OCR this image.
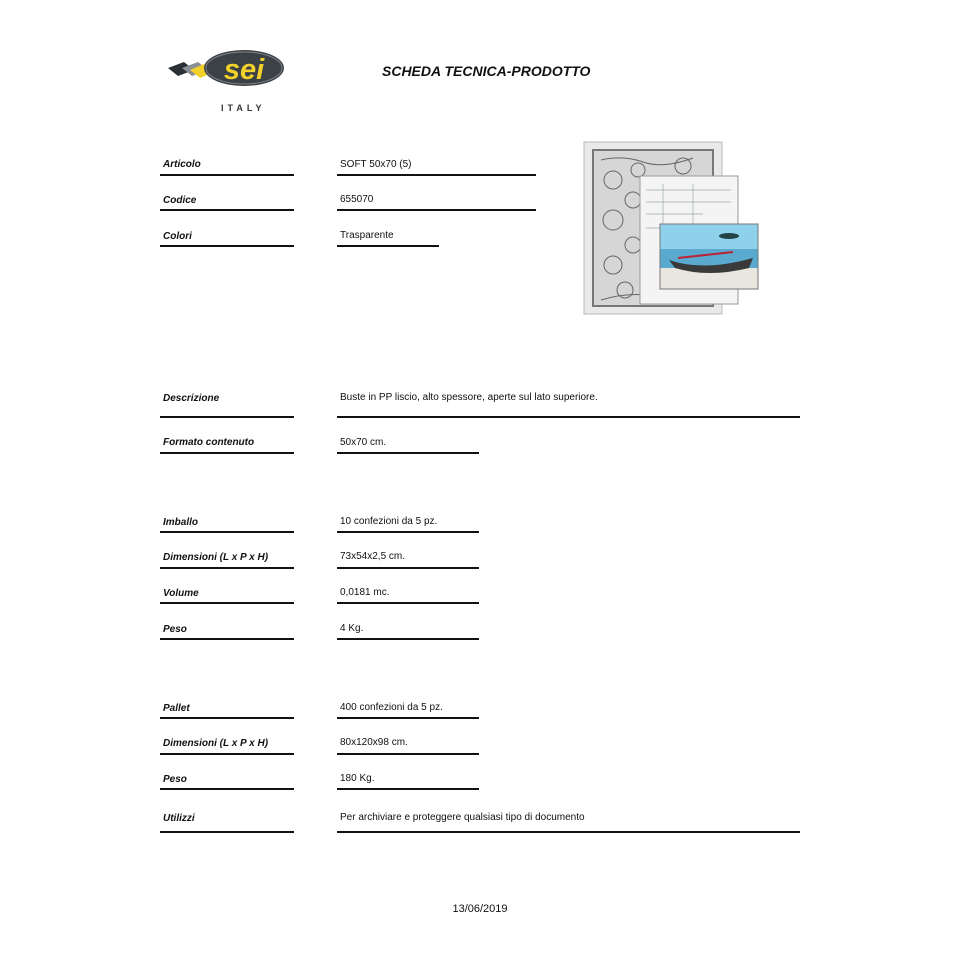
sei
ITALY
SCHEDA TECNICA-PRODOTTO
Articolo	SOFT 50x70 (5)
Codice	655070
Colori	Trasparente
Descrizione	Buste in PP liscio, alto spessore, aperte sul lato superiore.
Formato contenuto	50x70 cm.
Imballo	10 confezioni da 5 pz.
Dimensioni (L x P x H)	73x54x2,5 cm.
Volume	0,0181 mc.
Peso	4 Kg.
Pallet	400 confezioni da 5 pz.
Dimensioni (L x P x H)	80x120x98 cm.
Peso	180 Kg.
Utilizzi	Per archiviare e proteggere qualsiasi tipo di documento
13/06/2019
